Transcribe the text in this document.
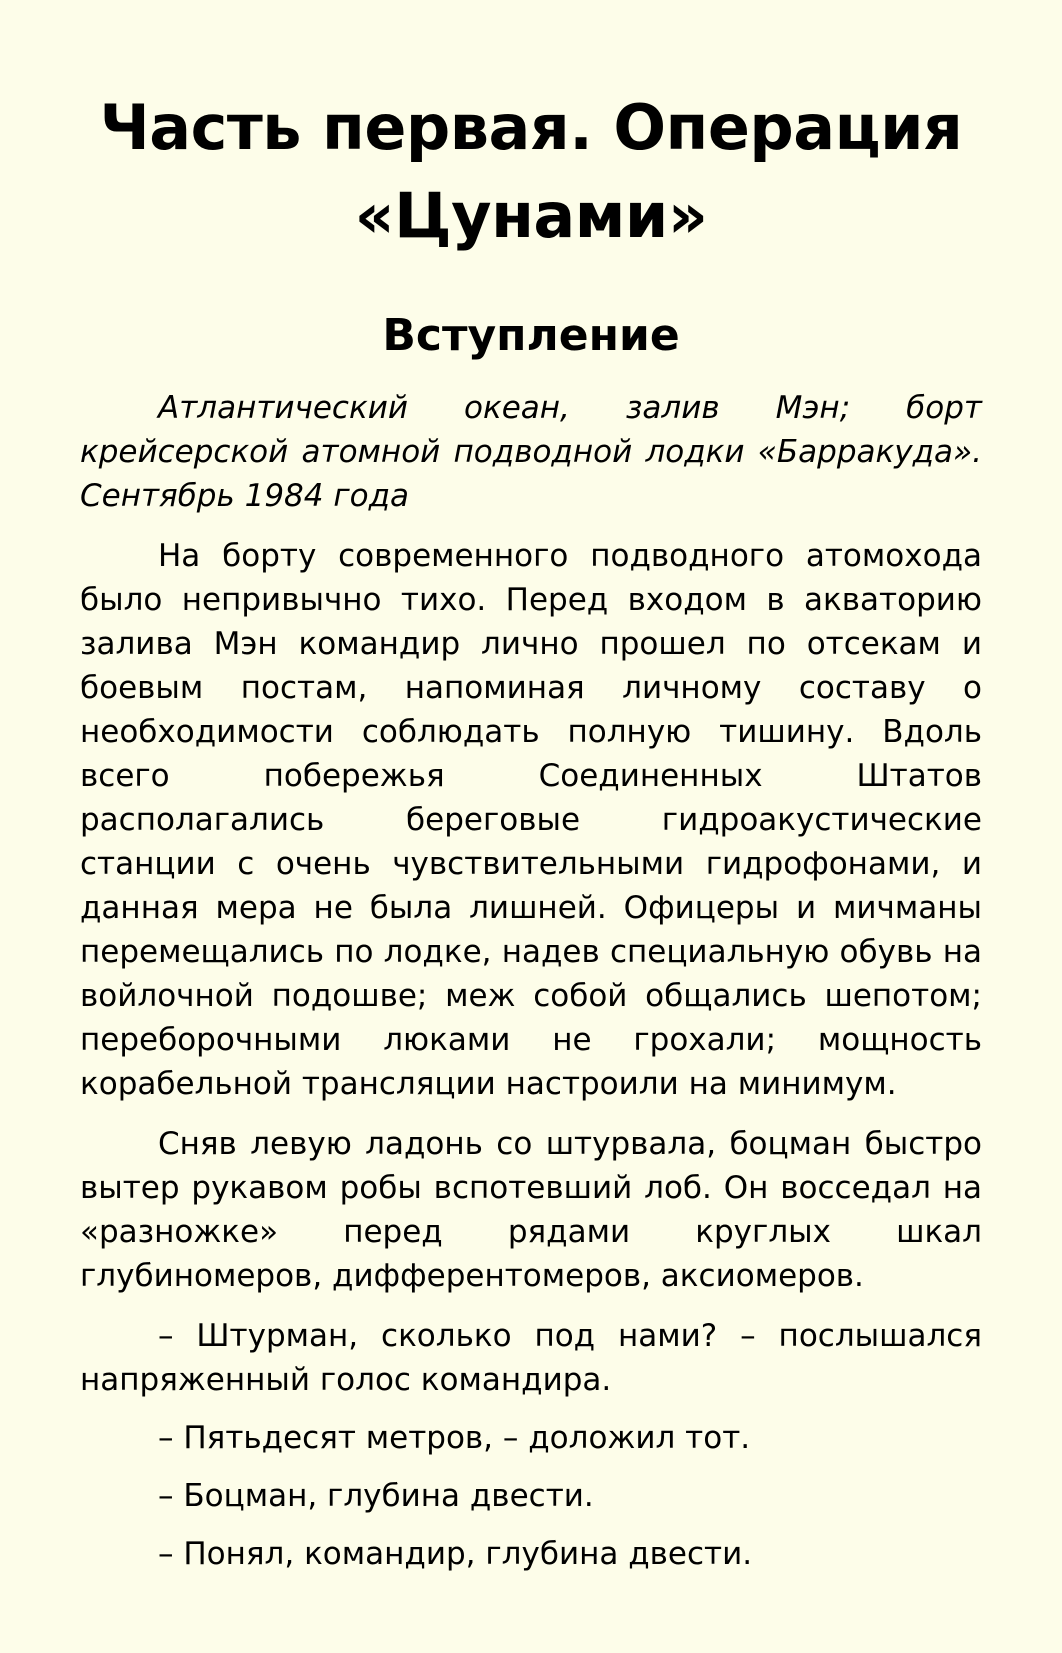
Часть первая. Операция «Цунами»
Вступление

Атлантический океан, залив Мэн; борт крейсерской атомной подводной лодки «Барракуда». Сентябрь 1984 года

На борту современного подводного атомохода было непривычно тихо. Перед входом в акваторию залива Мэн командир лично прошел по отсекам и боевым постам, напоминая личному составу о необходимости соблюдать полную тишину. Вдоль всего побережья Соединенных Штатов располагались береговые гидроакустические станции с очень чувствительными гидрофонами, и данная мера не была лишней. Офицеры и мичманы перемещались по лодке, надев специальную обувь на войлочной подошве; меж собой общались шепотом; переборочными люками не грохали; мощность корабельной трансляции настроили на минимум.

Сняв левую ладонь со штурвала, боцман быстро вытер рукавом робы вспотевший лоб. Он восседал на «разножке» перед рядами круглых шкал глубиномеров, дифферентомеров, аксиомеров.

– Штурман, сколько под нами? – послышался напряженный голос командира.

– Пятьдесят метров, – доложил тот.

– Боцман, глубина двести.

– Понял, командир, глубина двести.
